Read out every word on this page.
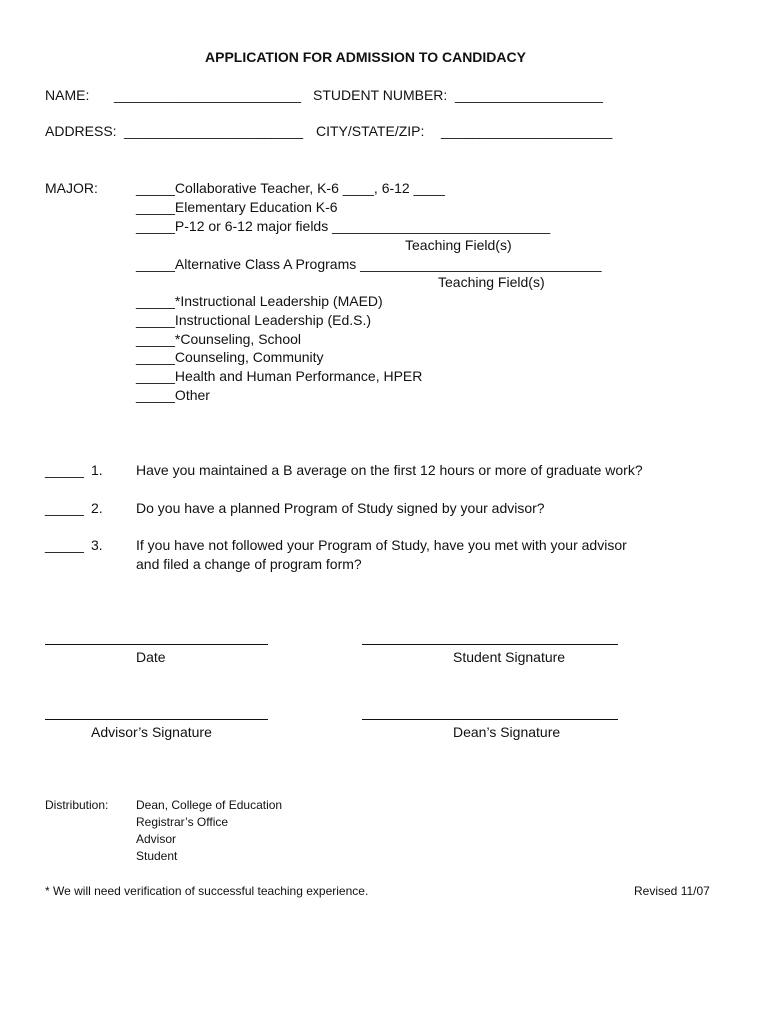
APPLICATION FOR ADMISSION TO CANDIDACY
NAME: ________________________ STUDENT NUMBER: ___________________
ADDRESS: _______________________ CITY/STATE/ZIP: ______________________
MAJOR:	_____Collaborative Teacher, K-6 ____, 6-12 ____
_____Elementary Education K-6
_____P-12 or 6-12 major fields ____________________________
Teaching Field(s)
_____Alternative Class A Programs _______________________________
Teaching Field(s)
_____*Instructional Leadership (MAED)
_____Instructional Leadership (Ed.S.)
_____*Counseling, School
_____Counseling, Community
_____Health and Human Performance, HPER
_____Other
_____ 1. Have you maintained a B average on the first 12 hours or more of graduate work?
_____ 2. Do you have a planned Program of Study signed by your advisor?
_____ 3. If you have not followed your Program of Study, have you met with your advisor
and filed a change of program form?
Date	Student Signature
Advisor’s Signature	Dean’s Signature
Distribution: Dean, College of Education
Registrar’s Office
Advisor
Student
* We will need verification of successful teaching experience.	Revised 11/07
